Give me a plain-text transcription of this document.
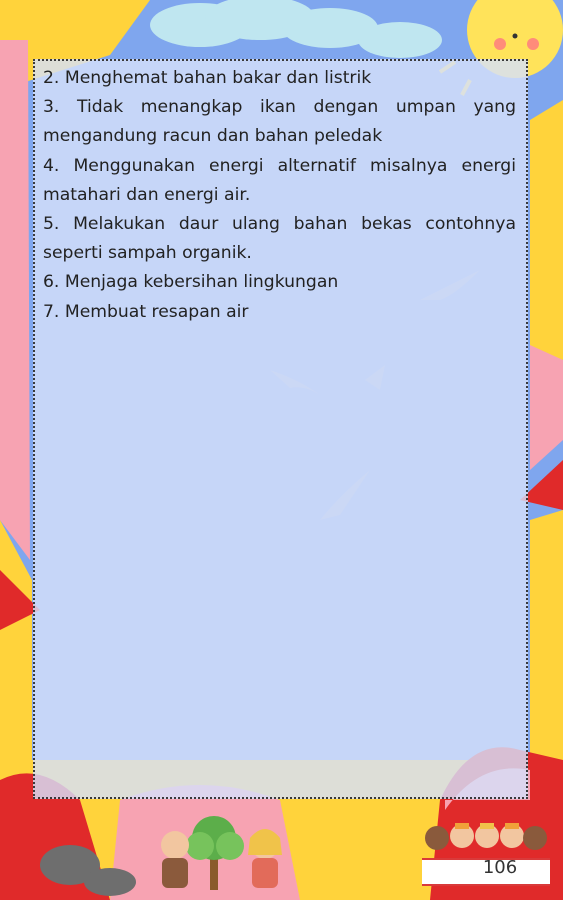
2. Menghemat bahan bakar dan listrik

3. Tidak menangkap ikan dengan umpan yang mengandung racun dan bahan peledak

4. Menggunakan energi alternatif misalnya energi matahari dan energi air.

5. Melakukan daur ulang bahan bekas contohnya seperti sampah organik.

6. Menjaga kebersihan lingkungan

7. Membuat resapan air

106
